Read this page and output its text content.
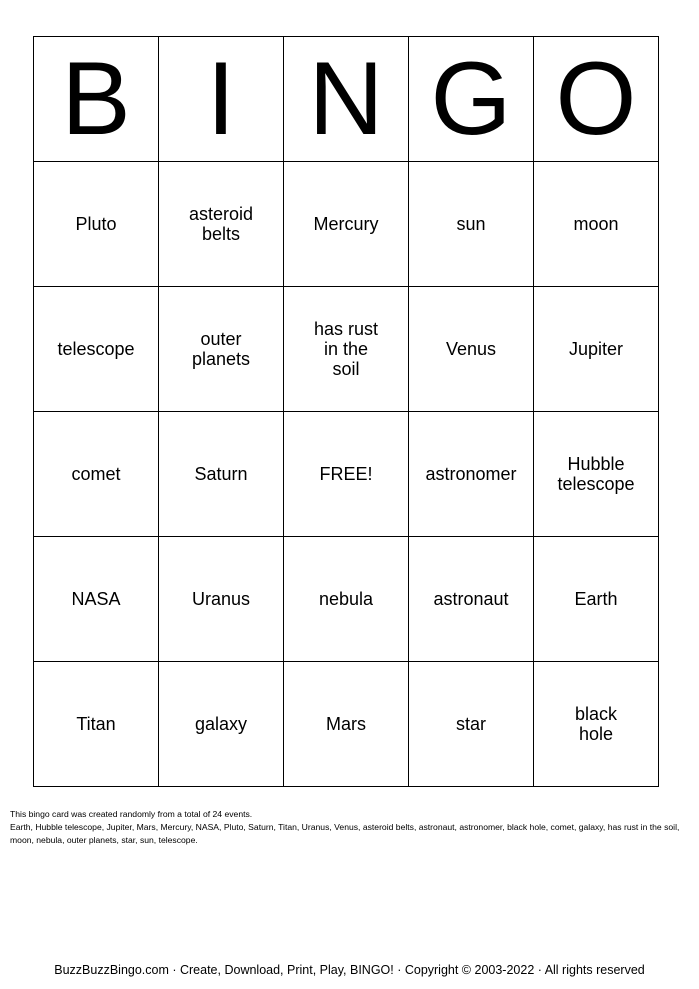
B	I	N	G	O
Pluto	asteroid belts	Mercury	sun	moon
telescope	outer planets	has rust in the soil	Venus	Jupiter
comet	Saturn	FREE!	astronomer	Hubble telescope
NASA	Uranus	nebula	astronaut	Earth
Titan	galaxy	Mars	star	black hole

This bingo card was created randomly from a total of 24 events.

Earth, Hubble telescope, Jupiter, Mars, Mercury, NASA, Pluto, Saturn, Titan, Uranus, Venus, asteroid belts, astronaut, astronomer, black hole, comet, galaxy, has rust in the soil, moon, nebula, outer planets, star, sun, telescope.

BuzzBuzzBingo.com · Create, Download, Print, Play, BINGO! · Copyright © 2003-2022 · All rights reserved
